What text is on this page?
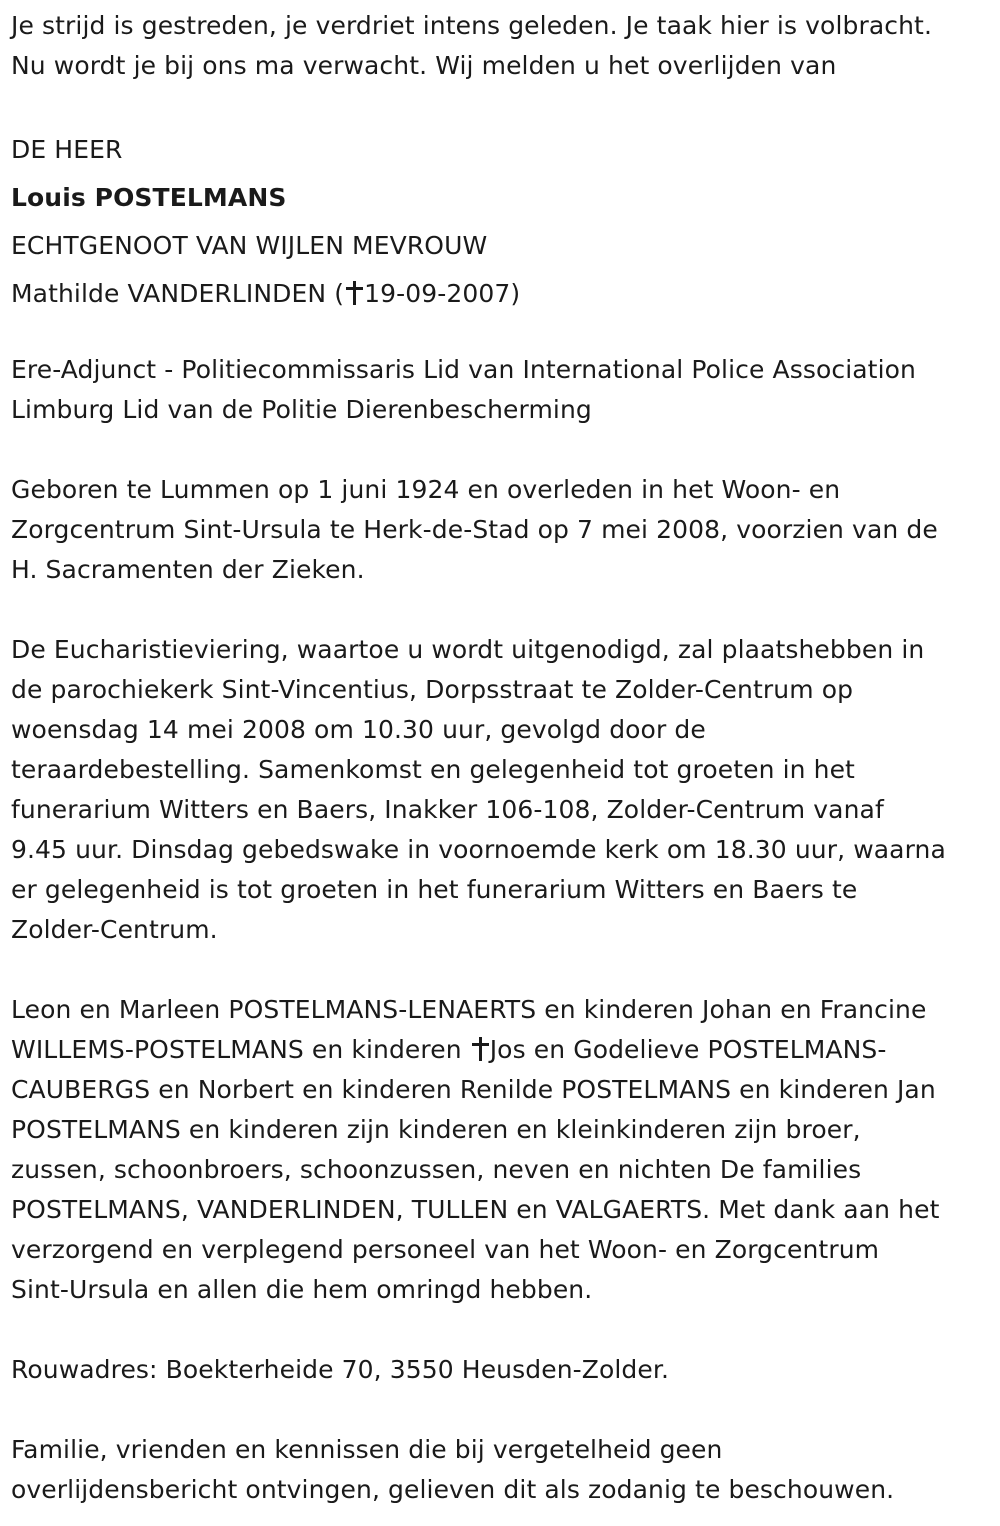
Je strijd is gestreden, je verdriet intens geleden. Je taak hier is volbracht.
Nu wordt je bij ons ma verwacht. Wij melden u het overlijden van

DE HEER

Louis POSTELMANS

ECHTGENOOT VAN WIJLEN MEVROUW

Mathilde VANDERLINDEN ( 19-09-2007)

Ere-Adjunct - Politiecommissaris Lid van International Police Association
Limburg Lid van de Politie Dierenbescherming

Geboren te Lummen op 1 juni 1924 en overleden in het Woon- en
Zorgcentrum Sint-Ursula te Herk-de-Stad op 7 mei 2008, voorzien van de
H. Sacramenten der Zieken.

De Eucharistieviering, waartoe u wordt uitgenodigd, zal plaatshebben in
de parochiekerk Sint-Vincentius, Dorpsstraat te Zolder-Centrum op
woensdag 14 mei 2008 om 10.30 uur, gevolgd door de
teraardebestelling. Samenkomst en gelegenheid tot groeten in het
funerarium Witters en Baers, Inakker 106-108, Zolder-Centrum vanaf
9.45 uur. Dinsdag gebedswake in voornoemde kerk om 18.30 uur, waarna
er gelegenheid is tot groeten in het funerarium Witters en Baers te
Zolder-Centrum.

Leon en Marleen POSTELMANS-LENAERTS en kinderen Johan en Francine
WILLEMS-POSTELMANS en kinderen Jos en Godelieve POSTELMANS-
CAUBERGS en Norbert en kinderen Renilde POSTELMANS en kinderen Jan
POSTELMANS en kinderen zijn kinderen en kleinkinderen zijn broer,
zussen, schoonbroers, schoonzussen, neven en nichten De families
POSTELMANS, VANDERLINDEN, TULLEN en VALGAERTS. Met dank aan het
verzorgend en verplegend personeel van het Woon- en Zorgcentrum
Sint-Ursula en allen die hem omringd hebben.

Rouwadres: Boekterheide 70, 3550 Heusden-Zolder.

Familie, vrienden en kennissen die bij vergetelheid geen
overlijdensbericht ontvingen, gelieven dit als zodanig te beschouwen.
